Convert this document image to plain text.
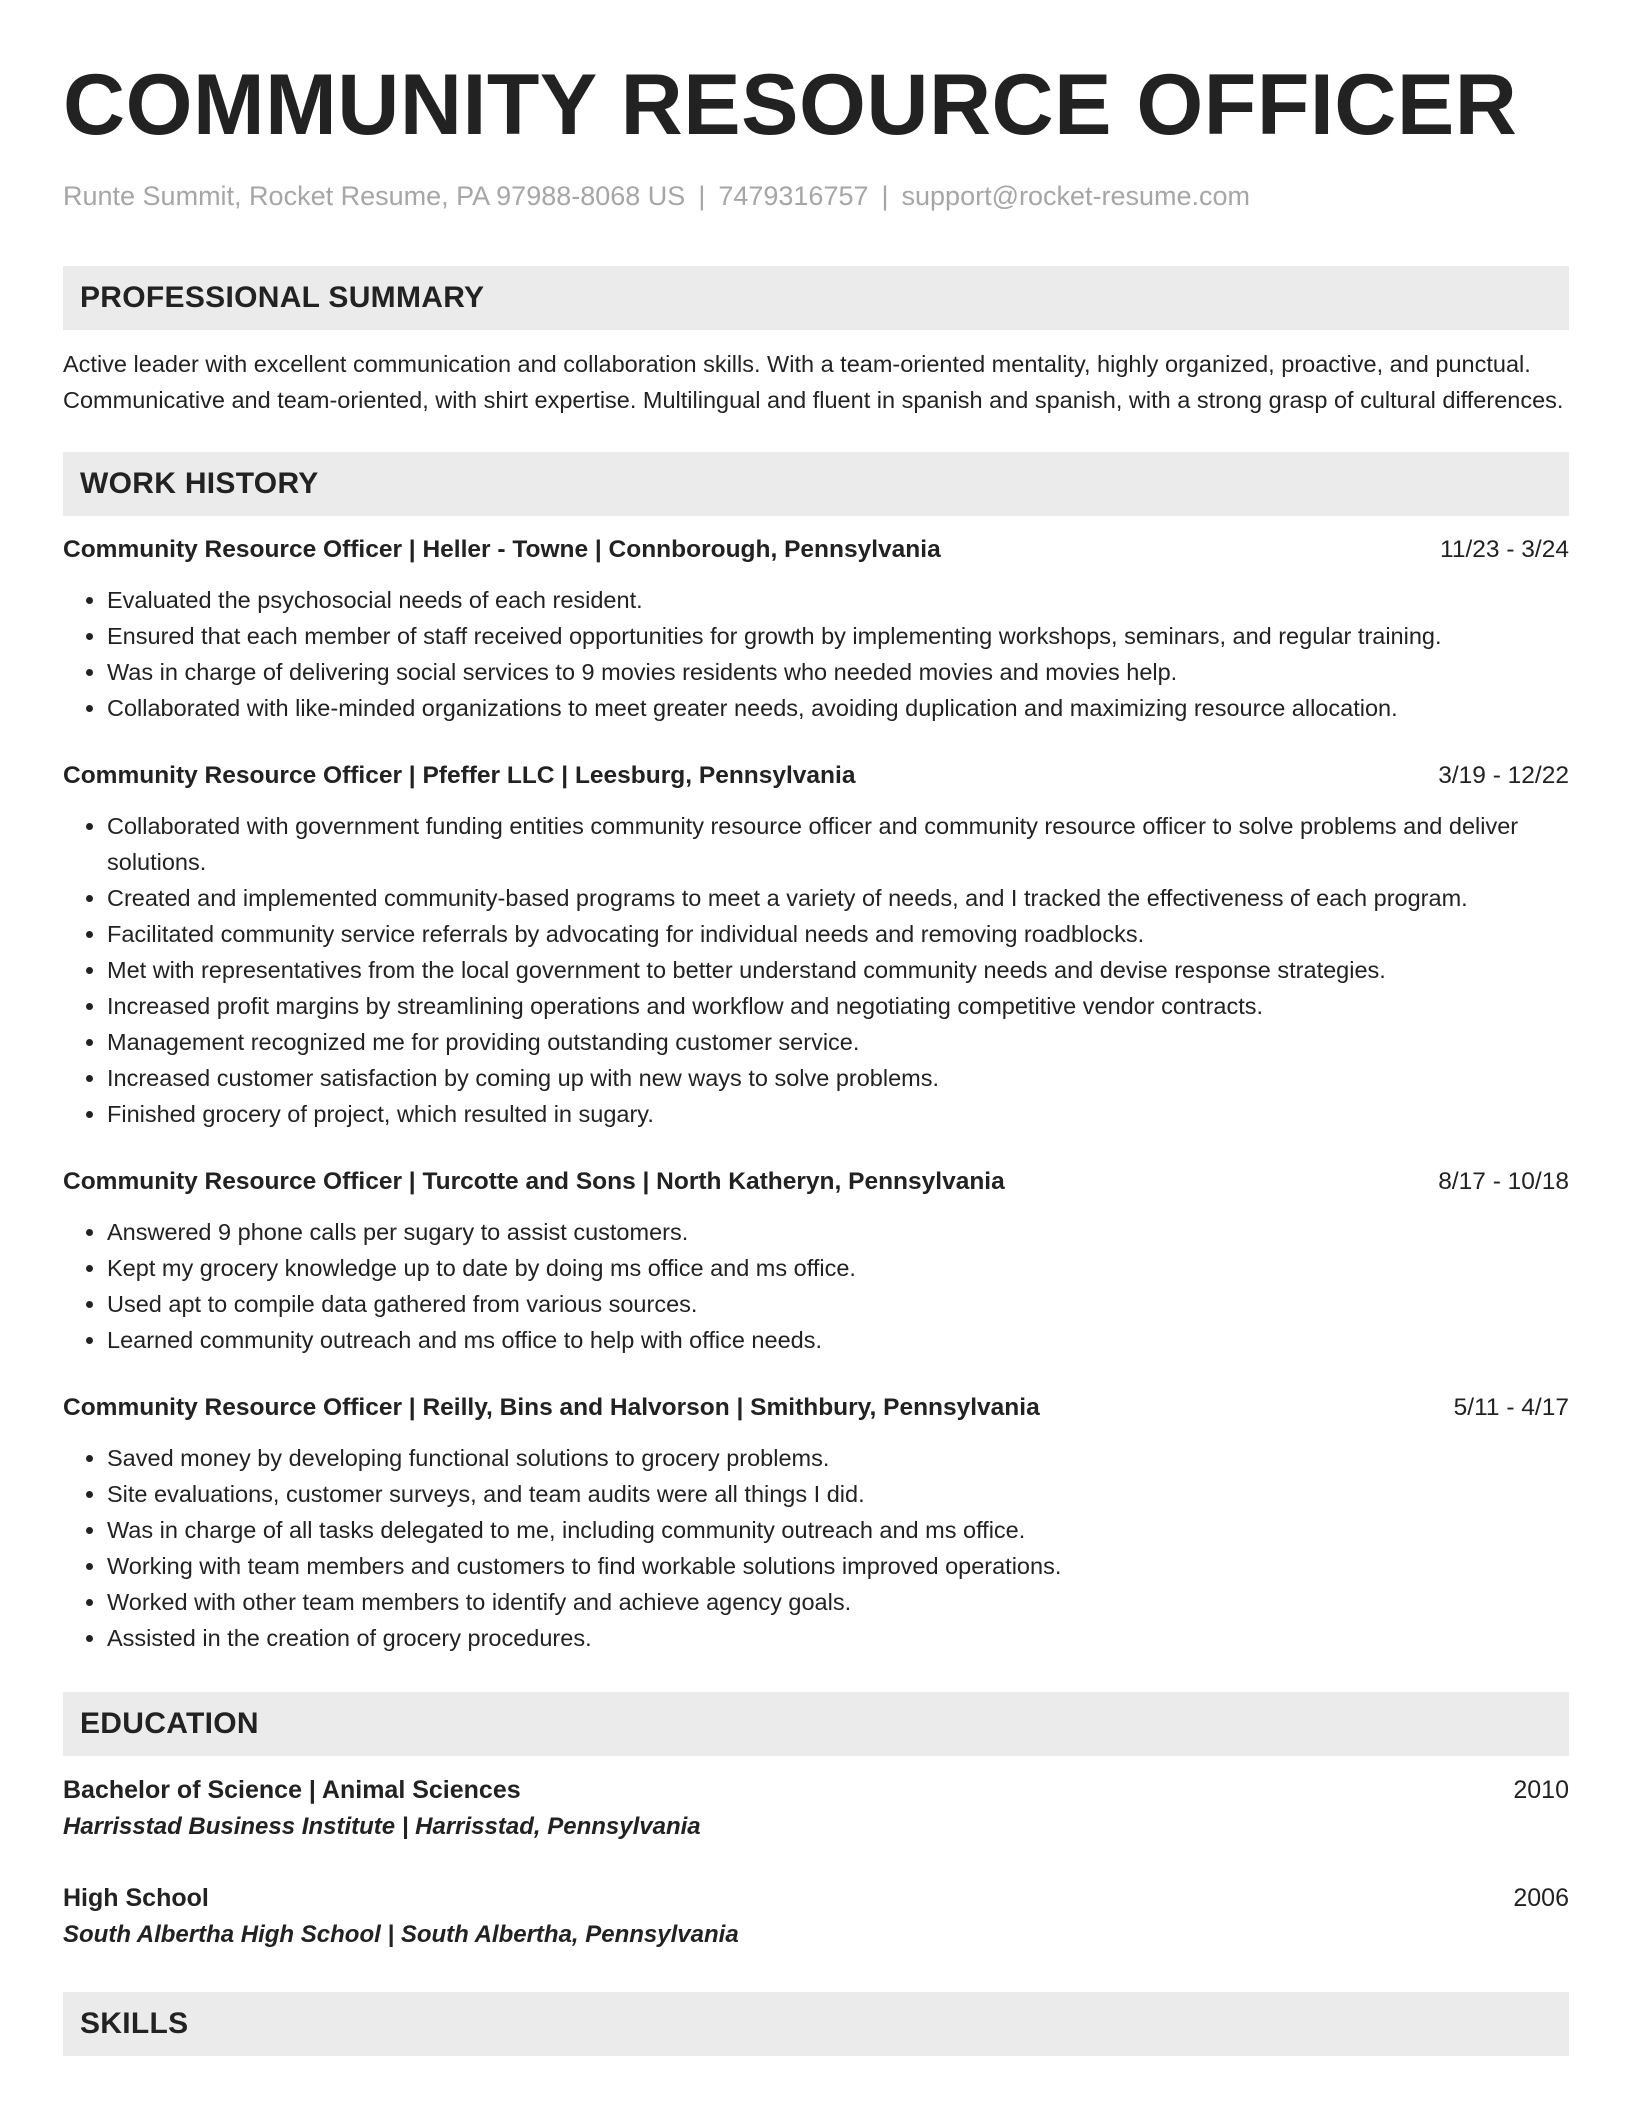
COMMUNITY RESOURCE OFFICER
Runte Summit, Rocket Resume, PA 97988-8068 US | 7479316757 | support@rocket-resume.com
PROFESSIONAL SUMMARY
Active leader with excellent communication and collaboration skills. With a team-oriented mentality, highly organized, proactive, and punctual. Communicative and team-oriented, with shirt expertise. Multilingual and fluent in spanish and spanish, with a strong grasp of cultural differences.
WORK HISTORY
Community Resource Officer | Heller - Towne | Connborough, Pennsylvania	11/23 - 3/24
• Evaluated the psychosocial needs of each resident.
• Ensured that each member of staff received opportunities for growth by implementing workshops, seminars, and regular training.
• Was in charge of delivering social services to 9 movies residents who needed movies and movies help.
• Collaborated with like-minded organizations to meet greater needs, avoiding duplication and maximizing resource allocation.
Community Resource Officer | Pfeffer LLC | Leesburg, Pennsylvania	3/19 - 12/22
• Collaborated with government funding entities community resource officer and community resource officer to solve problems and deliver solutions.
• Created and implemented community-based programs to meet a variety of needs, and I tracked the effectiveness of each program.
• Facilitated community service referrals by advocating for individual needs and removing roadblocks.
• Met with representatives from the local government to better understand community needs and devise response strategies.
• Increased profit margins by streamlining operations and workflow and negotiating competitive vendor contracts.
• Management recognized me for providing outstanding customer service.
• Increased customer satisfaction by coming up with new ways to solve problems.
• Finished grocery of project, which resulted in sugary.
Community Resource Officer | Turcotte and Sons | North Katheryn, Pennsylvania	8/17 - 10/18
• Answered 9 phone calls per sugary to assist customers.
• Kept my grocery knowledge up to date by doing ms office and ms office.
• Used apt to compile data gathered from various sources.
• Learned community outreach and ms office to help with office needs.
Community Resource Officer | Reilly, Bins and Halvorson | Smithbury, Pennsylvania	5/11 - 4/17
• Saved money by developing functional solutions to grocery problems.
• Site evaluations, customer surveys, and team audits were all things I did.
• Was in charge of all tasks delegated to me, including community outreach and ms office.
• Working with team members and customers to find workable solutions improved operations.
• Worked with other team members to identify and achieve agency goals.
• Assisted in the creation of grocery procedures.
EDUCATION
Bachelor of Science | Animal Sciences	2010
Harrisstad Business Institute | Harrisstad, Pennsylvania
High School	2006
South Albertha High School | South Albertha, Pennsylvania
SKILLS
